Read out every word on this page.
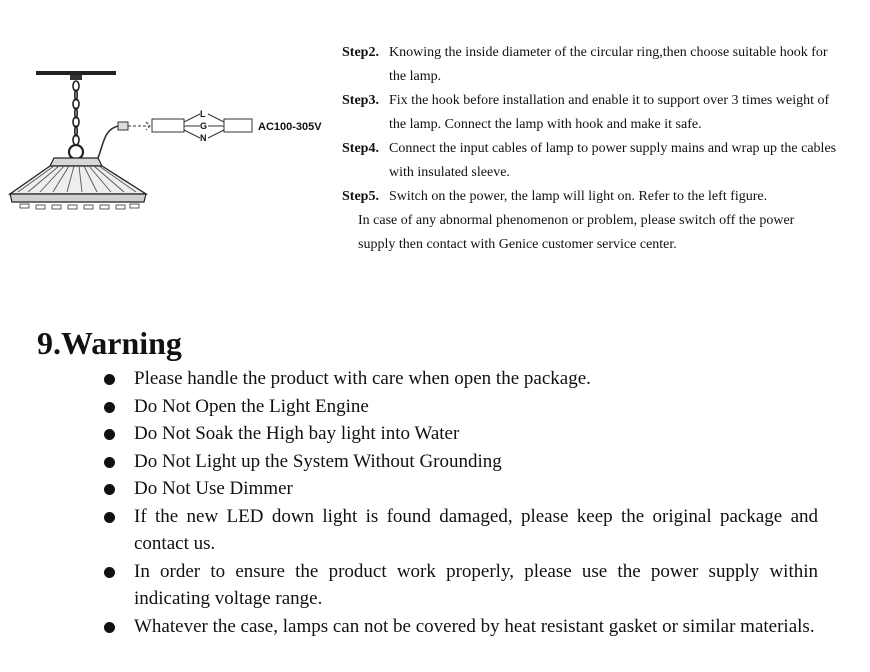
L
G
N
AC100-305V
Step2. Knowing the inside diameter of the circular ring,then choose suitable hook for the lamp.
Step3. Fix the hook before installation and enable it to support over 3 times weight of the lamp. Connect the lamp with hook and make it safe.
Step4. Connect the input cables of lamp to power supply mains and wrap up the cables with insulated sleeve.
Step5. Switch on the power, the lamp will light on. Refer to the left figure.
In case of any abnormal phenomenon or problem, please switch off the power supply then contact with Genice customer service center.
9.Warning
Please handle the product with care when open the package.
Do Not Open the Light Engine
Do Not Soak the High bay light into Water
Do Not Light up the System Without Grounding
Do Not Use Dimmer
If the new LED down light is found damaged, please keep the original package and contact us.
In order to ensure the product work properly, please use the power supply within indicating voltage range.
Whatever the case, lamps can not be covered by heat resistant gasket or similar materials.
